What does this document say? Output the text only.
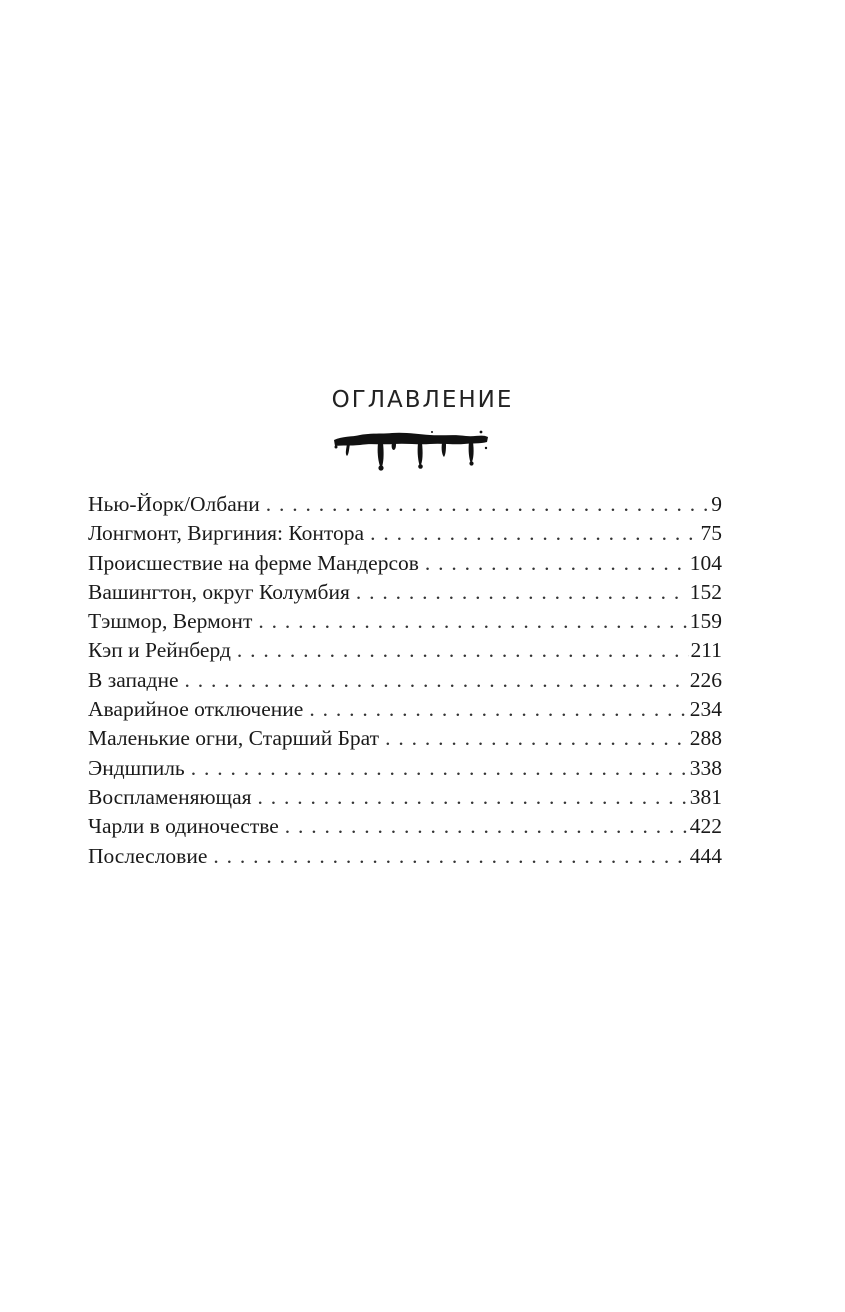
ОГЛАВЛЕНИЕ
Нью-Йорк/Олбани . . .	9
Лонгмонт, Виргиния: Контора . . .	75
Происшествие на ферме Мандерсов . . .	104
Вашингтон, округ Колумбия . . .	152
Тэшмор, Вермонт . . .	159
Кэп и Рейнберд . . .	211
В западне . . .	226
Аварийное отключение . . .	234
Маленькие огни, Старший Брат . . .	288
Эндшпиль . . .	338
Воспламеняющая . . .	381
Чарли в одиночестве . . .	422
Послесловие . . .	444
